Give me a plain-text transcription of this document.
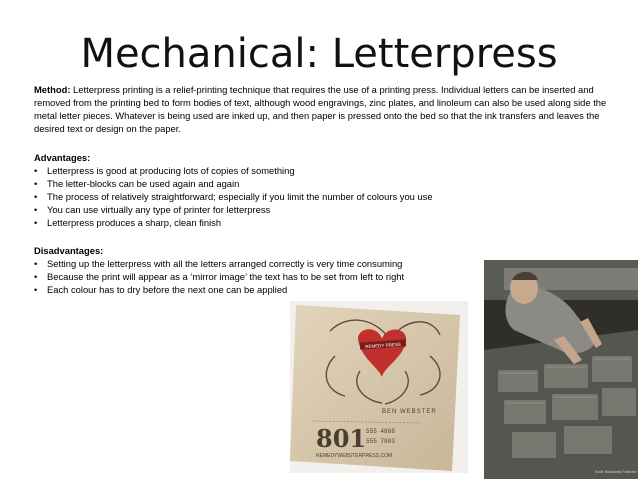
Mechanical: Letterpress
Method: Letterpress printing is a relief-printing technique that requires the use of a printing press. Individual letters can be inserted and removed from the printing bed to form bodies of text, although wood engravings, zinc plates, and linoleum can also be used along side the metal letter pieces. Whatever is being used are inked up, and then paper is pressed onto the bed so that the ink transfers and leaves the desired text or design on the paper.
Advantages:
• Letterpress is good at producing lots of copies of something
• The letter-blocks can be used again and again
• The process of relatively straightforward; especially if you limit the number of colours you use
• You can use virtually any type of printer for letterpress
• Letterpress produces a sharp, clean finish
Disadvantages:
• Setting up the letterpress with all the letters arranged correctly is very time consuming
• Because the print will appear as a ‘mirror image’ the text has to be set from left to right
• Each colour has to dry before the next one can be applied
REMEDY PRESS
BEN WEBSTER
801 555 4868
555 7803
REMEDYWEBSTERPRESS.COM
Scott: Blackwells Publisher
